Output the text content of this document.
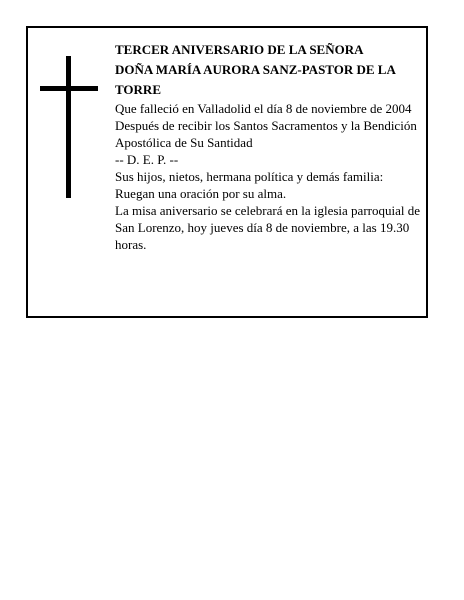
TERCER ANIVERSARIO DE LA SEÑORA

DOÑA MARÍA AURORA SANZ-PASTOR DE LA TORRE

Que falleció en Valladolid el día 8 de noviembre de 2004

Después de recibir los Santos Sacramentos y la Bendición Apostólica de Su Santidad

-- D. E. P. --

Sus hijos, nietos, hermana política y demás familia:

Ruegan una oración por su alma.

La misa aniversario se celebrará en la iglesia parroquial de San Lorenzo, hoy jueves día 8 de noviembre, a las 19.30 horas.
